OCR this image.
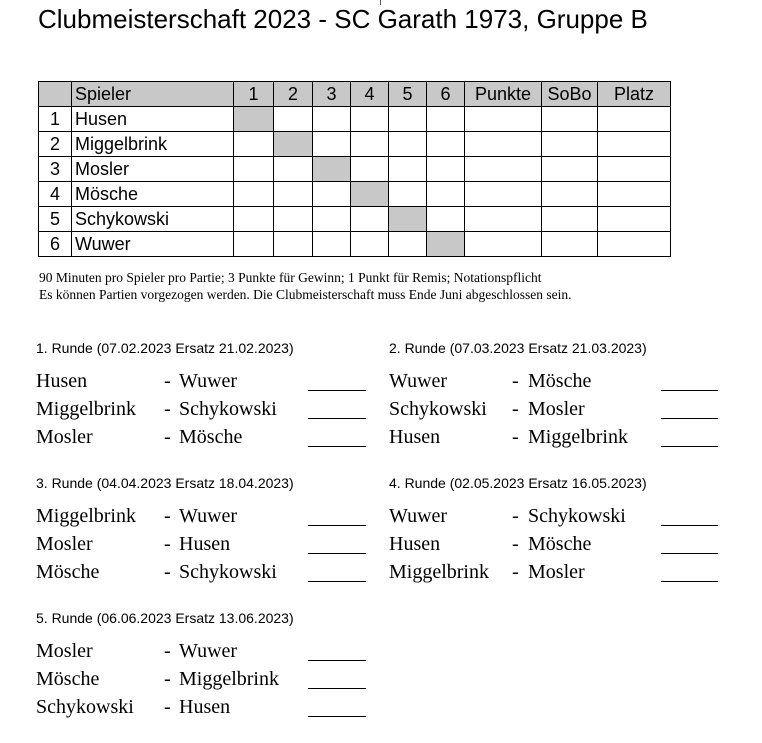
Clubmeisterschaft 2023 - SC Garath 1973, Gruppe B
	Spieler	1	2	3	4	5	6	Punkte	SoBo	Platz
1	Husen									
2	Miggelbrink									
3	Mosler									
4	Mösche									
5	Schykowski									
6	Wuwer									
90 Minuten pro Spieler pro Partie; 3 Punkte für Gewinn; 1 Punkt für Remis; Notationspflicht
Es können Partien vorgezogen werden. Die Clubmeisterschaft muss Ende Juni abgeschlossen sein.
1. Runde (07.02.2023 Ersatz 21.02.2023)
Husen	- Wuwer
Miggelbrink - Schykowski
Mosler	- Mösche
2. Runde (07.03.2023 Ersatz 21.03.2023)
Wuwer	- Mösche
Schykowski - Mosler
Husen	- Miggelbrink
3. Runde (04.04.2023 Ersatz 18.04.2023)
Miggelbrink - Wuwer
Mosler	- Husen
Mösche	- Schykowski
4. Runde (02.05.2023 Ersatz 16.05.2023)
Wuwer	- Schykowski
Husen	- Mösche
Miggelbrink - Mosler
5. Runde (06.06.2023 Ersatz 13.06.2023)
Mosler	- Wuwer
Mösche	- Miggelbrink
Schykowski - Husen
